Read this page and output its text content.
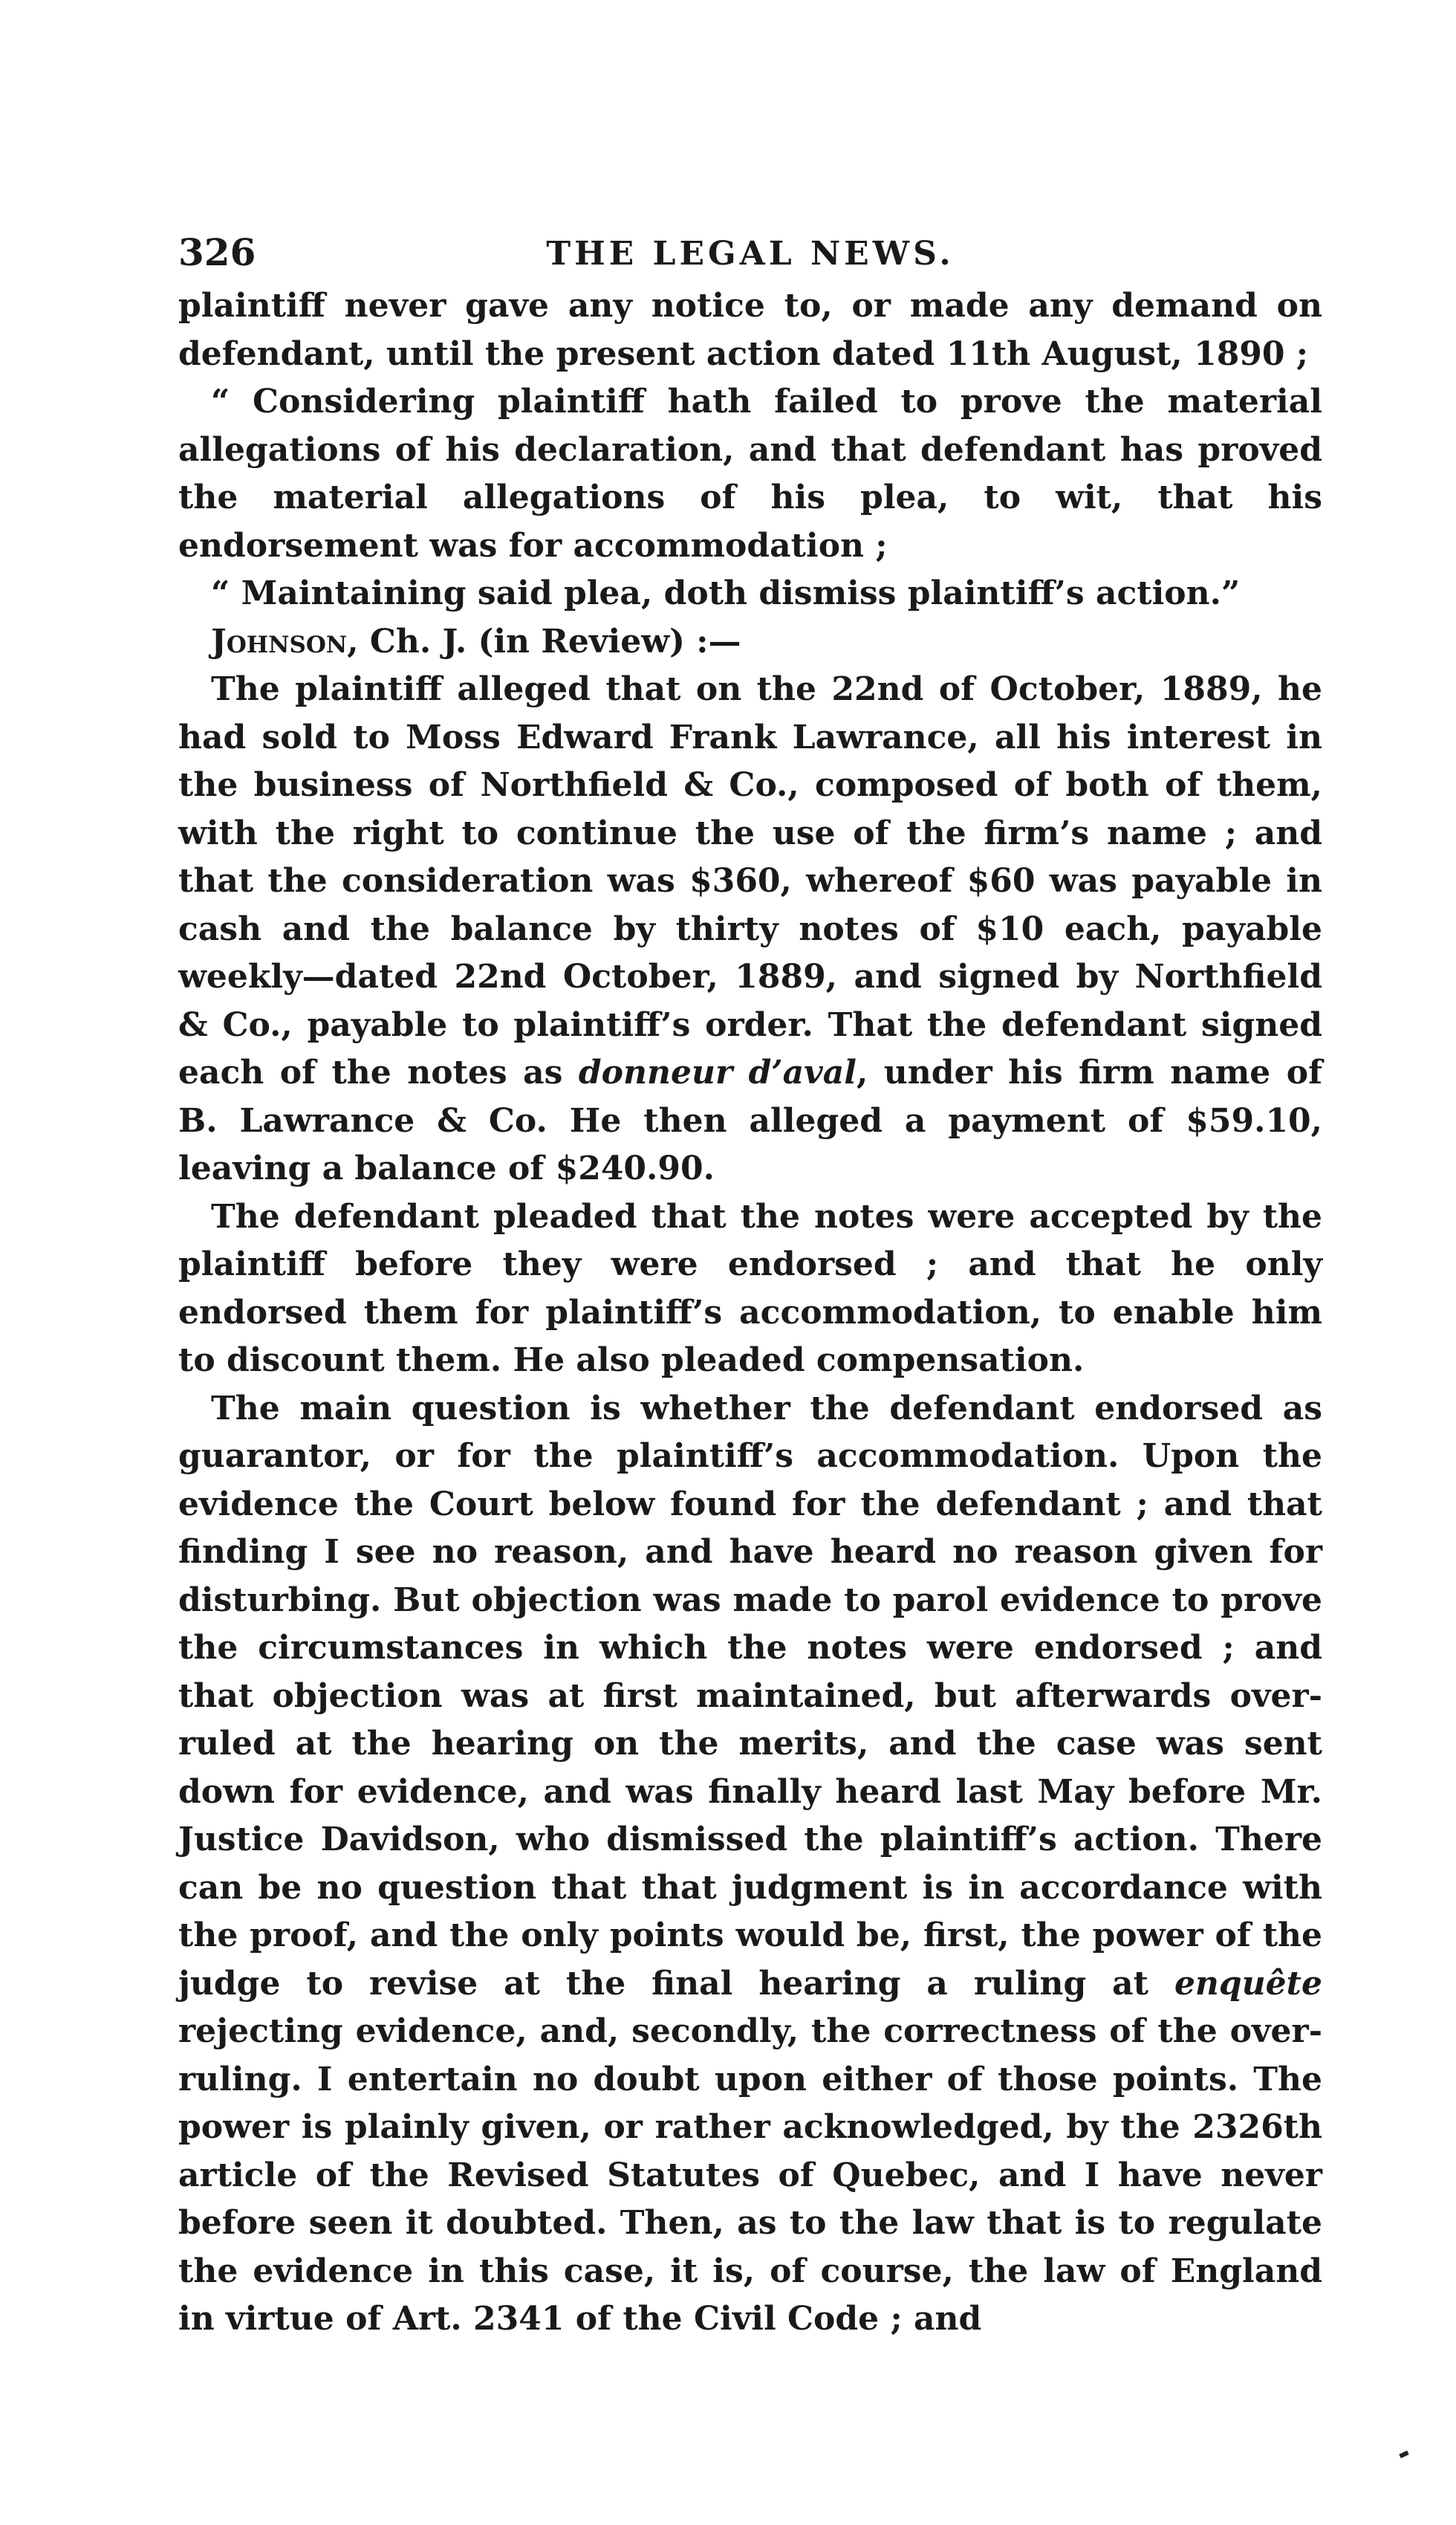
326	THE LEGAL NEWS.

plaintiff never gave any notice to, or made any demand on defendant, until the present action dated 11th August, 1890 ;

“ Considering plaintiff hath failed to prove the material allegations of his declaration, and that defendant has proved the material allegations of his plea, to wit, that his endorsement was for accommodation ;

“ Maintaining said plea, doth dismiss plaintiff’s action.”

Johnson, Ch. J. (in Review) :—

The plaintiff alleged that on the 22nd of October, 1889, he had sold to Moss Edward Frank Lawrance, all his interest in the business of Northfield & Co., composed of both of them, with the right to continue the use of the firm’s name ; and that the consideration was $360, whereof $60 was payable in cash and the balance by thirty notes of $10 each, payable weekly—dated 22nd October, 1889, and signed by Northfield & Co., payable to plaintiff’s order. That the defendant signed each of the notes as donneur d’aval, under his firm name of B. Lawrance & Co. He then alleged a payment of $59.10, leaving a balance of $240.90.

The defendant pleaded that the notes were accepted by the plaintiff before they were endorsed ; and that he only endorsed them for plaintiff’s accommodation, to enable him to discount them. He also pleaded compensation.

The main question is whether the defendant endorsed as guarantor, or for the plaintiff’s accommodation. Upon the evidence the Court below found for the defendant ; and that finding I see no reason, and have heard no reason given for disturbing. But objection was made to parol evidence to prove the circumstances in which the notes were endorsed ; and that objection was at first maintained, but afterwards over-ruled at the hearing on the merits, and the case was sent down for evidence, and was finally heard last May before Mr. Justice Davidson, who dismissed the plaintiff’s action. There can be no question that that judgment is in accordance with the proof, and the only points would be, first, the power of the judge to revise at the final hearing a ruling at enquête rejecting evidence, and, secondly, the correctness of the over-ruling. I entertain no doubt upon either of those points. The power is plainly given, or rather acknowledged, by the 2326th article of the Revised Statutes of Quebec, and I have never before seen it doubted. Then, as to the law that is to regulate the evidence in this case, it is, of course, the law of England in virtue of Art. 2341 of the Civil Code ; and
